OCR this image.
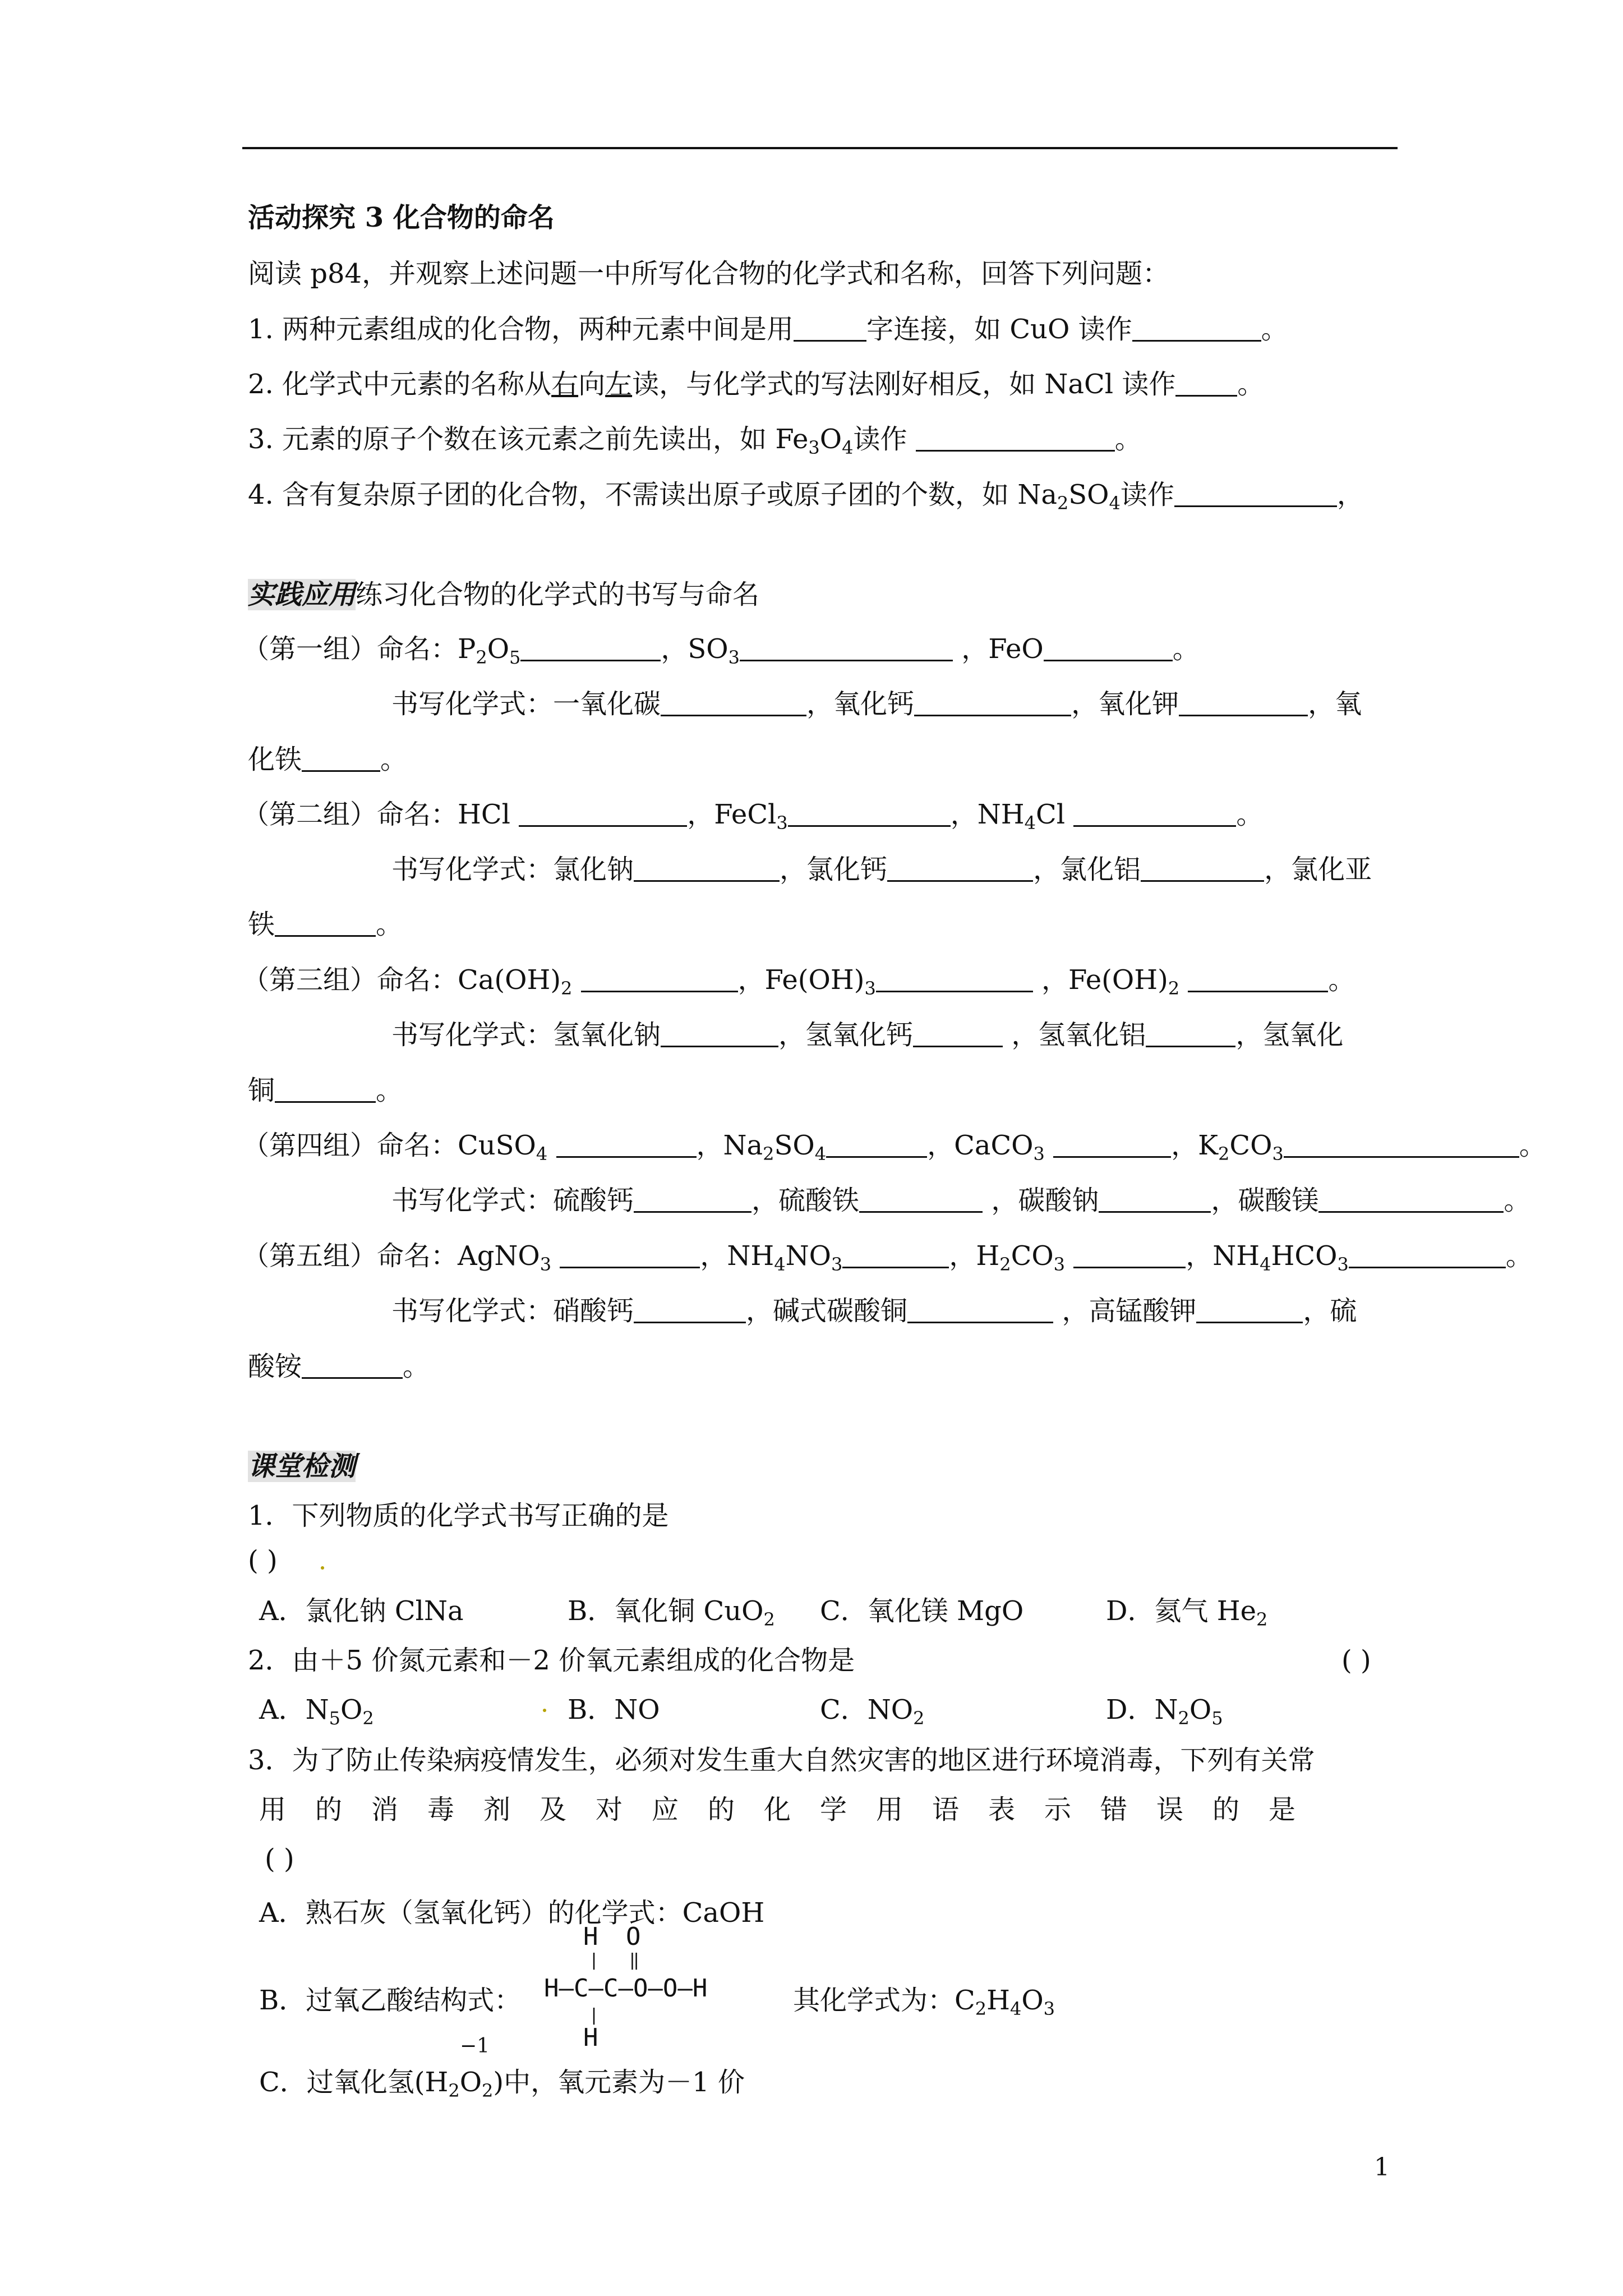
活动探究 3 化合物的命名
阅读 p84，并观察上述问题一中所写化合物的化学式和名称，回答下列问题：
1. 两种元素组成的化合物，两种元素中间是用	字连接，如 CuO 读作	。
2. 化学式中元素的名称从右向左读，与化学式的写法刚好相反，如 NaCl 读作 。
3. 元素的原子个数在该元素之前先读出，如 $Fe_3O_4$读作	。
4. 含有复杂原子团的化合物，不需读出原子或原子团的个数，如 $Na_2SO_4$读作	，
实践应用练习化合物的化学式的书写与命名
（第一组）命名：$P_2O_5$	，$SO_3$	，FeO	。
书写化学式：一氧化碳	，氧化钙	，氧化钾	，氧
化铁	。
（第二组）命名：HCl	，FeCl$_3$	，$NH_4Cl$	。
书写化学式：氯化钠	，氯化钙	，氯化铝	，氯化亚
铁	。
（第三组）命名：$Ca(OH)_2$	，$Fe(OH)_3$	，$Fe(OH)_2$	。
书写化学式：氢氧化钠	，氢氧化钙	，氢氧化铝	，氢氧化
铜	。
（第四组）命名：CuSO$_4$	，$Na_2SO_4$	，CaCO$_3$	，$K_2CO_3$	。
书写化学式：硫酸钙	，硫酸铁	，碳酸钠	，碳酸镁	。
（第五组）命名：AgNO$_3$	，$NH_4NO_3$	，$H_2CO_3$	，$NH_4HCO_3$	。
书写化学式：硝酸钙	，碱式碳酸铜	，高锰酸钾	，硫
酸铵	。
课堂检测
1．下列物质的化学式书写正确的是
( )
A．氯化钠 ClNa	B．氧化铜 CuO$_2$ C．氧化镁 MgO	D．氦气 $He_2$
2．由＋5 价氮元素和－2 价氧元素组成的化合物是	( )
A．$N_5O_2$	B．NO	C．$NO_2$	D．$N_2O_5$
3．为了防止传染病疫情发生，必须对发生重大自然灾害的地区进行环境消毒，下列有关常
用的消毒剂及对应的化学用语表示错误的是
( )
A．熟石灰（氢氧化钙）的化学式：CaOH
B．过氧乙酸结构式：
H O
| ‖
H—C—C—O—O—H
|
H
其化学式为：$C_2H_4O_3$
−1
C．过氧化氢$(H_2O_2)$中，氧元素为－1 价
1
